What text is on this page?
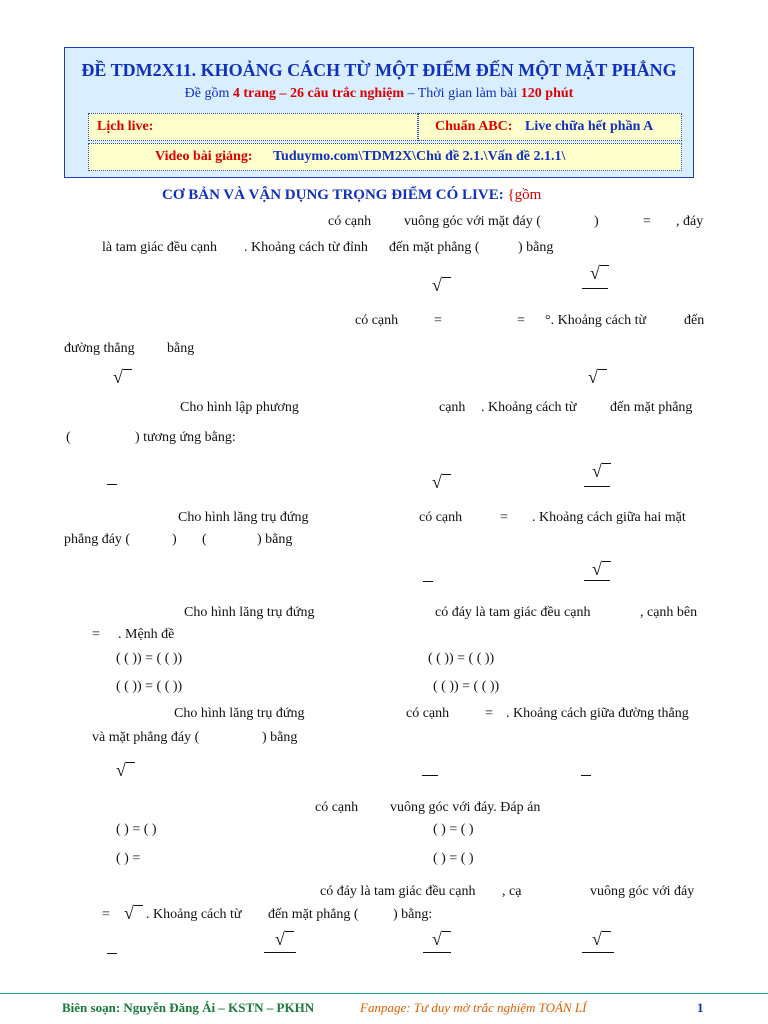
ĐỀ TDM2X11. KHOẢNG CÁCH TỪ MỘT ĐIỂM ĐẾN MỘT MẶT PHẲNG
Đề gồm 4 trang – 26 câu trắc nghiệm – Thời gian làm bài 120 phút
Lịch live:	Chuẩn ABC: Live chữa hết phần A
Video bài giảng: Tuduymo.com\TDM2X\Chủ đề 2.1.\Vấn đề 2.1.1\
CƠ BẢN VÀ VẬN DỤNG TRỌNG ĐIỂM CÓ LIVE: {gồm
có cạnh vuông góc với mặt đáy (	)	= , đáy
là tam giác đều cạnh . Khoảng cách từ đỉnh đến mặt phẳng (	) bằng
√
√
có cạnh	=	= °. Khoảng cách từ	đến
đường thẳng bằng
√	√
Cho hình lập phương	cạnh . Khoảng cách từ đến mặt phẳng
(	) tương ứng bằng:
√
√
Cho hình lăng trụ đứng	có cạnh	= . Khoảng cách giữa hai mặt
phẳng đáy (	) (	) bằng
√
Cho hình lăng trụ đứng	có đáy là tam giác đều cạnh	, cạnh bên
= . Mệnh đề
( ( )) = ( ( ))	( ( )) = ( ( ))
( ( )) = ( ( ))	( ( )) = ( ( ))
Cho hình lăng trụ đứng	có cạnh	= . Khoảng cách giữa đường thẳng
và mặt phẳng đáy (	) bằng
√
có cạnh vuông góc với đáy. Đáp án
( ) = ( )	( ) = ( )
( ) =	( ) = ( )
có đáy là tam giác đều cạnh , cạ	vuông góc với đáy
= √ . Khoảng cách từ đến mặt phẳng ( ) bằng:
√	√	√
Biên soạn: Nguyễn Đăng Ái – KSTN – PKHN	Fanpage: Tư duy mở trắc nghiệm TOÁN LÍ	1
